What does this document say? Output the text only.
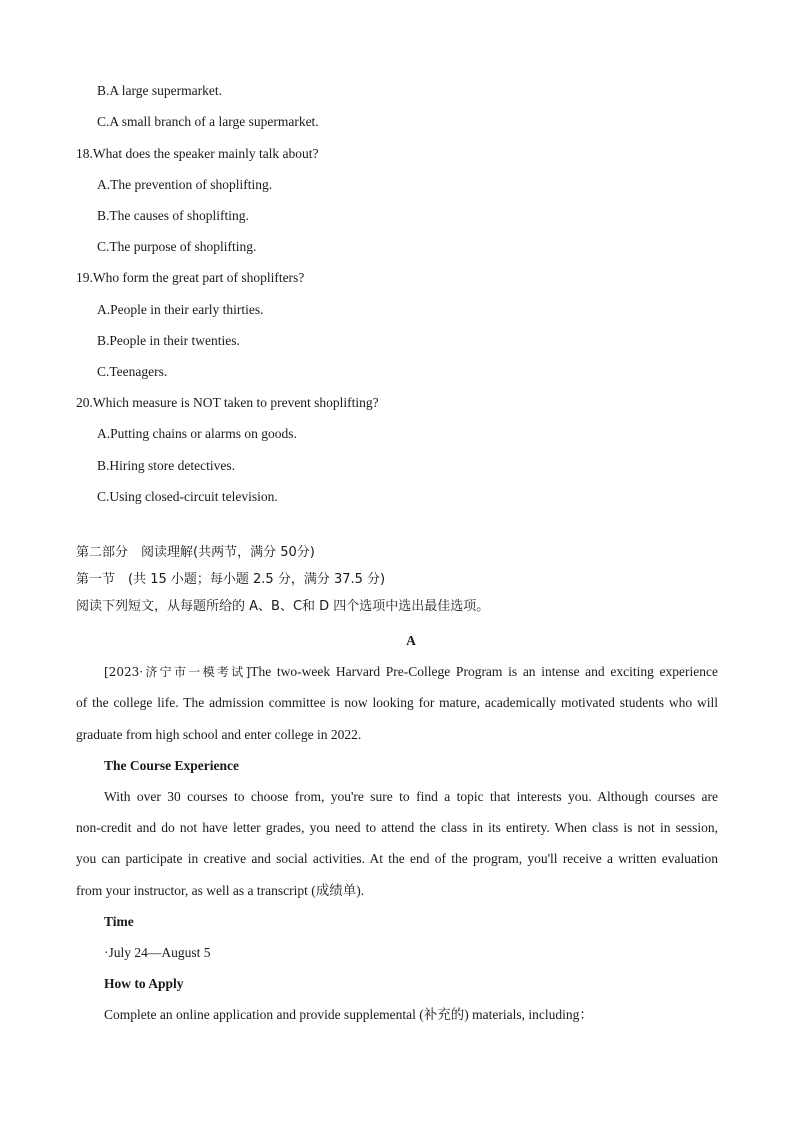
B.A large supermarket.
C.A small branch of a large supermarket.
18.What does the speaker mainly talk about?
A.The prevention of shoplifting.
B.The causes of shoplifting.
C.The purpose of shoplifting.
19.Who form the great part of shoplifters?
A.People in their early thirties.
B.People in their twenties.
C.Teenagers.
20.Which measure is NOT taken to prevent shoplifting?
A.Putting chains or alarms on goods.
B.Hiring store detectives.
C.Using closed-circuit television.
第二部分　阅读理解(共两节，满分 50分)
第一节　(共 15 小题；每小题 2.5 分，满分 37.5 分)
阅读下列短文，从每题所给的 A、B、C和 D 四个选项中选出最佳选项。
A
[2023·济宁市一模考试]The two-week Harvard Pre-College Program is an intense and exciting experience
of the college life. The admission committee is now looking for mature, academically motivated students who will
graduate from high school and enter college in 2022.
The Course Experience
With over 30 courses to choose from, you're sure to find a topic that interests you. Although courses are
non-credit and do not have letter grades, you need to attend the class in its entirety. When class is not in session,
you can participate in creative and social activities. At the end of the program, you'll receive a written evaluation
from your instructor, as well as a transcript (成绩单).
Time
·July 24—August 5
How to Apply
Complete an online application and provide supplemental (补充的) materials, including：
